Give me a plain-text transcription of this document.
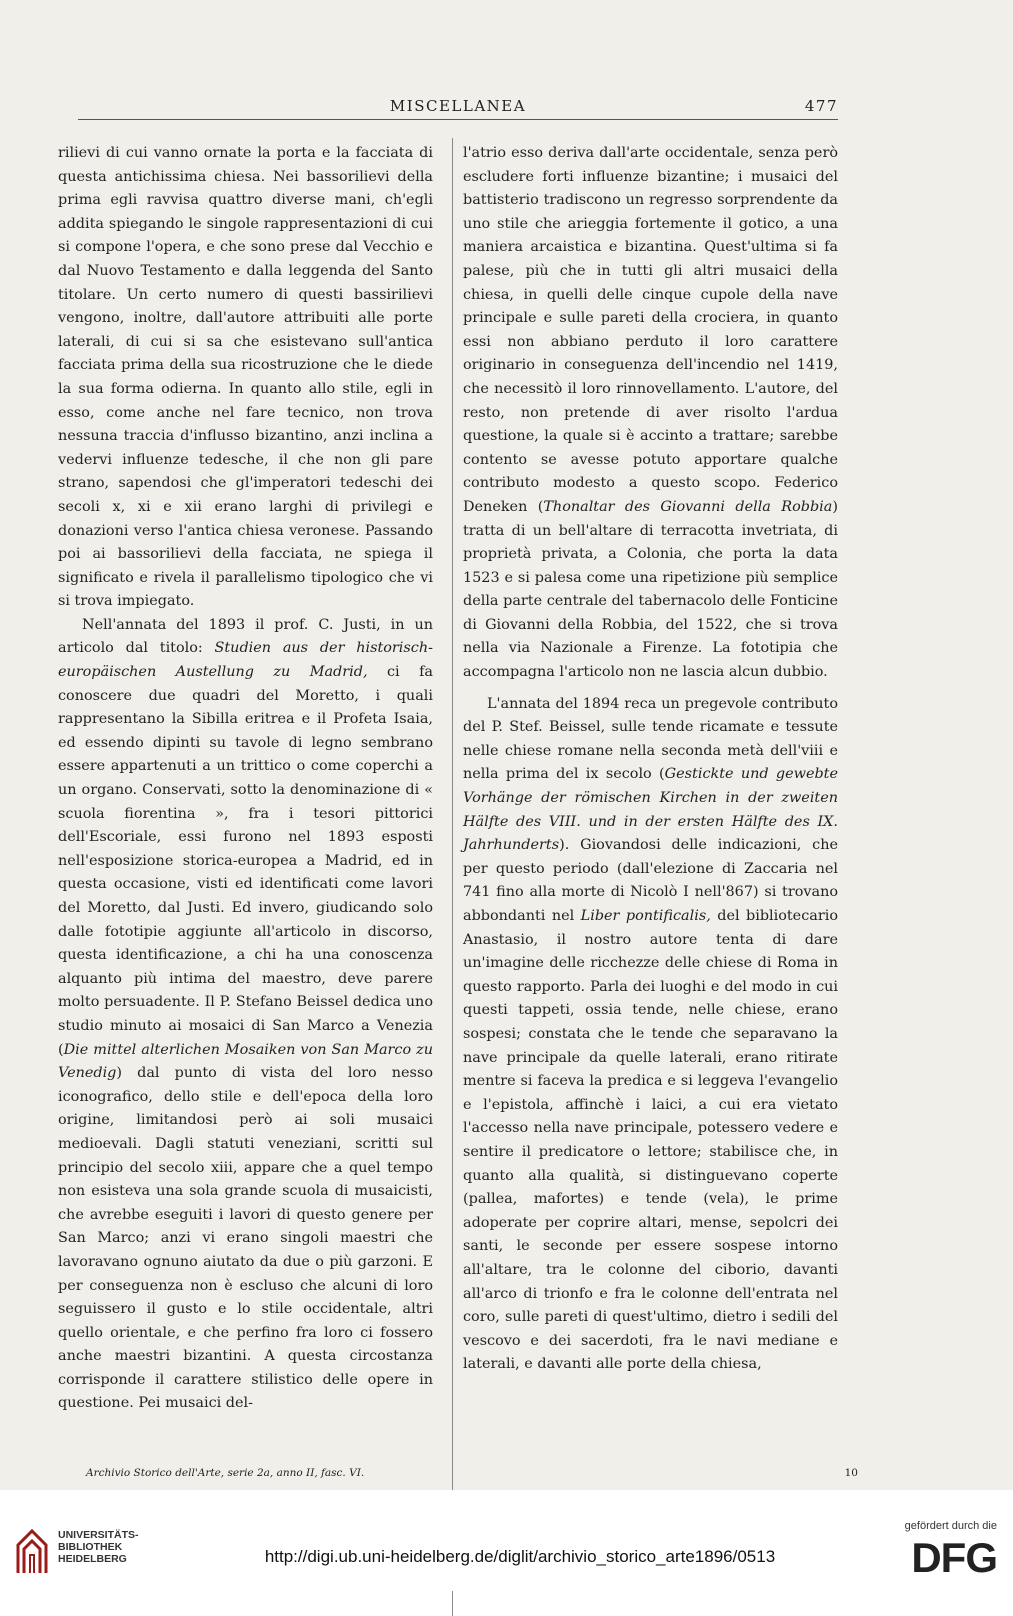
MISCELLANEA	477

rilievi di cui vanno ornate la porta e la facciata di questa antichissima chiesa. Nei bassorilievi della prima egli ravvisa quattro diverse mani, ch'egli addita spiegando le singole rappresentazioni di cui si compone l'opera, e che sono prese dal Vecchio e dal Nuovo Testamento e dalla leggenda del Santo titolare. Un certo numero di questi bassirilievi vengono, inoltre, dall'autore attribuiti alle porte laterali, di cui si sa che esistevano sull'antica facciata prima della sua ricostruzione che le diede la sua forma odierna. In quanto allo stile, egli in esso, come anche nel fare tecnico, non trova nessuna traccia d'influsso bizantino, anzi inclina a vedervi influenze tedesche, il che non gli pare strano, sapendosi che gl'imperatori tedeschi dei secoli x, xi e xii erano larghi di privilegi e donazioni verso l'antica chiesa veronese. Passando poi ai bassorilievi della facciata, ne spiega il significato e rivela il parallelismo tipologico che vi si trova impiegato.

Nell'annata del 1893 il prof. C. Justi, in un articolo dal titolo: Studien aus der historisch-europäischen Austellung zu Madrid, ci fa conoscere due quadri del Moretto, i quali rappresentano la Sibilla eritrea e il Profeta Isaia, ed essendo dipinti su tavole di legno sembrano essere appartenuti a un trittico o come coperchi a un organo. Conservati, sotto la denominazione di « scuola fiorentina », fra i tesori pittorici dell'Escoriale, essi furono nel 1893 esposti nell'esposizione storica-europea a Madrid, ed in questa occasione, visti ed identificati come lavori del Moretto, dal Justi. Ed invero, giudicando solo dalle fototipie aggiunte all'articolo in discorso, questa identificazione, a chi ha una conoscenza alquanto più intima del maestro, deve parere molto persuadente. Il P. Stefano Beissel dedica uno studio minuto ai mosaici di San Marco a Venezia (Die mittel alterlichen Mosaiken von San Marco zu Venedig) dal punto di vista del loro nesso iconografico, dello stile e dell'epoca della loro origine, limitandosi però ai soli musaici medioevali. Dagli statuti veneziani, scritti sul principio del secolo xiii, appare che a quel tempo non esisteva una sola grande scuola di musaicisti, che avrebbe eseguiti i lavori di questo genere per San Marco; anzi vi erano singoli maestri che lavoravano ognuno aiutato da due o più garzoni. E per conseguenza non è escluso che alcuni di loro seguissero il gusto e lo stile occidentale, altri quello orientale, e che perfino fra loro ci fossero anche maestri bizantini. A questa circostanza corrisponde il carattere stilistico delle opere in questione. Pei musaici del-

l'atrio esso deriva dall'arte occidentale, senza però escludere forti influenze bizantine; i musaici del battisterio tradiscono un regresso sorprendente da uno stile che arieggia fortemente il gotico, a una maniera arcaistica e bizantina. Quest'ultima si fa palese, più che in tutti gli altri musaici della chiesa, in quelli delle cinque cupole della nave principale e sulle pareti della crociera, in quanto essi non abbiano perduto il loro carattere originario in conseguenza dell'incendio nel 1419, che necessitò il loro rinnovellamento. L'autore, del resto, non pretende di aver risolto l'ardua questione, la quale si è accinto a trattare; sarebbe contento se avesse potuto apportare qualche contributo modesto a questo scopo. Federico Deneken (Thonaltar des Giovanni della Robbia) tratta di un bell'altare di terracotta invetriata, di proprietà privata, a Colonia, che porta la data 1523 e si palesa come una ripetizione più semplice della parte centrale del tabernacolo delle Fonticine di Giovanni della Robbia, del 1522, che si trova nella via Nazionale a Firenze. La fototipia che accompagna l'articolo non ne lascia alcun dubbio.

L'annata del 1894 reca un pregevole contributo del P. Stef. Beissel, sulle tende ricamate e tessute nelle chiese romane nella seconda metà dell'viii e nella prima del ix secolo (Gestickte und gewebte Vorhänge der römischen Kirchen in der zweiten Hälfte des VIII. und in der ersten Hälfte des IX. Jahrhunderts). Giovandosi delle indicazioni, che per questo periodo (dall'elezione di Zaccaria nel 741 fino alla morte di Nicolò I nell'867) si trovano abbondanti nel Liber pontificalis, del bibliotecario Anastasio, il nostro autore tenta di dare un'imagine delle ricchezze delle chiese di Roma in questo rapporto. Parla dei luoghi e del modo in cui questi tappeti, ossia tende, nelle chiese, erano sospesi; constata che le tende che separavano la nave principale da quelle laterali, erano ritirate mentre si faceva la predica e si leggeva l'evangelio e l'epistola, affinchè i laici, a cui era vietato l'accesso nella nave principale, potessero vedere e sentire il predicatore o lettore; stabilisce che, in quanto alla qualità, si distinguevano coperte (pallea, mafortes) e tende (vela), le prime adoperate per coprire altari, mense, sepolcri dei santi, le seconde per essere sospese intorno all'altare, tra le colonne del ciborio, davanti all'arco di trionfo e fra le colonne dell'entrata nel coro, sulle pareti di quest'ultimo, dietro i sedili del vescovo e dei sacerdoti, fra le navi mediane e laterali, e davanti alle porte della chiesa,

Archivio Storico dell'Arte, serie 2a, anno II, fasc. VI.	10
UNIVERSITÄTS-
BIBLIOTHEK
HEIDELBERG	http://digi.ub.uni-heidelberg.de/diglit/archivio_storico_arte1896/0513
gefördert durch die
DFG
